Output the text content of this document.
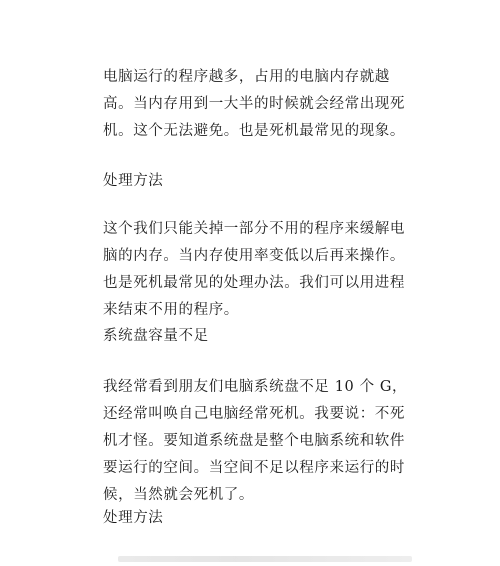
电脑运行的程序越多，占用的电脑内存就越高。当内存用到一大半的时候就会经常出现死机。这个无法避免。也是死机最常见的现象。

处理方法

这个我们只能关掉一部分不用的程序来缓解电脑的内存。当内存使用率变低以后再来操作。也是死机最常见的处理办法。我们可以用进程来结束不用的程序。

系统盘容量不足

我经常看到朋友们电脑系统盘不足 10 个 G，还经常叫唤自己电脑经常死机。我要说：不死机才怪。要知道系统盘是整个电脑系统和软件要运行的空间。当空间不足以程序来运行的时候，当然就会死机了。

处理方法
